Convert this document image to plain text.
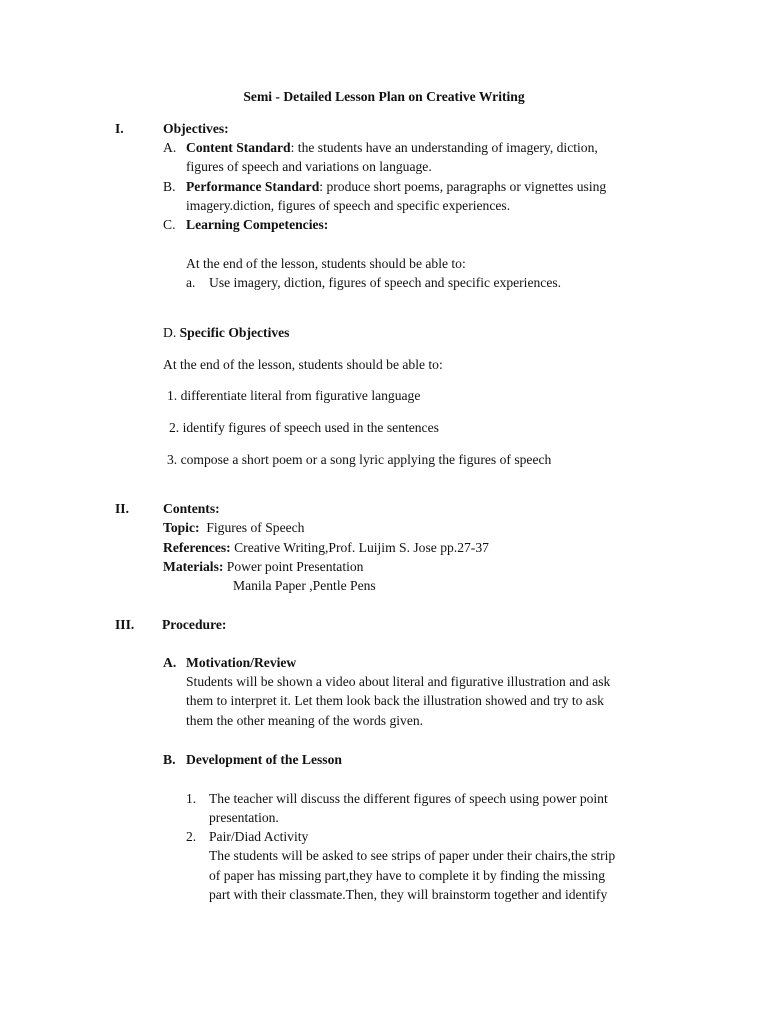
Semi - Detailed Lesson Plan on Creative Writing
I.	Objectives:
A. Content Standard: the students have an understanding of imagery, diction,
figures of speech and variations on language.
B. Performance Standard: produce short poems, paragraphs or vignettes using
imagery.diction, figures of speech and specific experiences.
C. Learning Competencies:
At the end of the lesson, students should be able to:
a. Use imagery, diction, figures of speech and specific experiences.
D. Specific Objectives
At the end of the lesson, students should be able to:
1. differentiate literal from figurative language
2. identify figures of speech used in the sentences
3. compose a short poem or a song lyric applying the figures of speech
II.	Contents:
Topic: Figures of Speech
References: Creative Writing,Prof. Luijim S. Jose pp.27-37
Materials: Power point Presentation
Manila Paper ,Pentle Pens
III. Procedure:
A. Motivation/Review
Students will be shown a video about literal and figurative illustration and ask
them to interpret it. Let them look back the illustration showed and try to ask
them the other meaning of the words given.
B. Development of the Lesson
1. The teacher will discuss the different figures of speech using power point
presentation.
2. Pair/Diad Activity
The students will be asked to see strips of paper under their chairs,the strip
of paper has missing part,they have to complete it by finding the missing
part with their classmate.Then, they will brainstorm together and identify
